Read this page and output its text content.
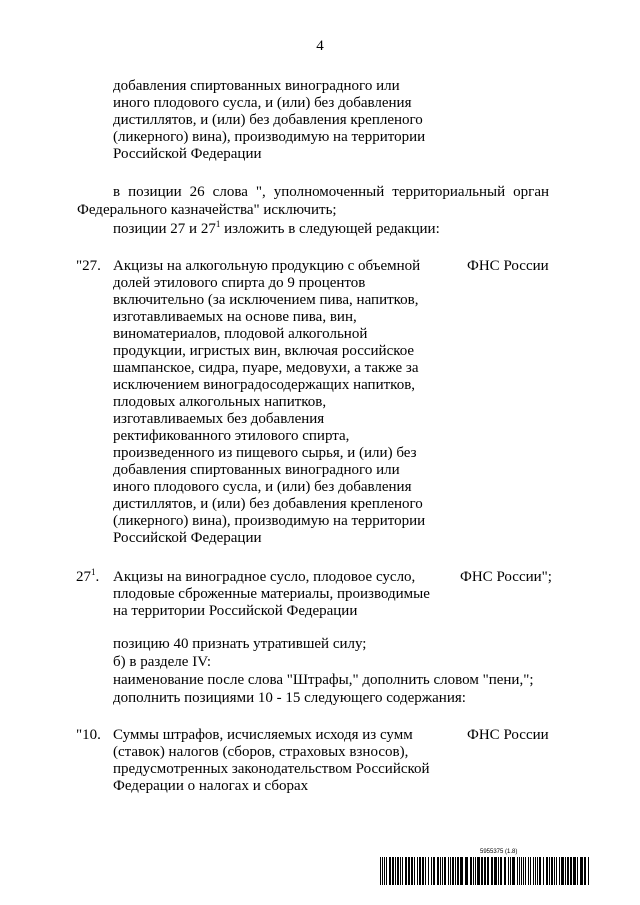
4
добавления спиртованных виноградного или
иного плодового сусла, и (или) без добавления
дистиллятов, и (или) без добавления крепленого
(ликерного) вина), производимую на территории
Российской Федерации
в позиции 26 слова ", уполномоченный территориальный орган
Федерального казначейства" исключить;
позиции 27 и $27^1$ изложить в следующей редакции:
"27. Акцизы на алкогольную продукцию с объемной
долей этилового спирта до 9 процентов
включительно (за исключением пива, напитков,
изготавливаемых на основе пива, вин,
виноматериалов, плодовой алкогольной
продукции, игристых вин, включая российское
шампанское, сидра, пуаре, медовухи, а также за
исключением виноградосодержащих напитков,
плодовых алкогольных напитков,
изготавливаемых без добавления
ректификованного этилового спирта,
произведенного из пищевого сырья, и (или) без
добавления спиртованных виноградного или
иного плодового сусла, и (или) без добавления
дистиллятов, и (или) без добавления крепленого
(ликерного) вина), производимую на территории
Российской Федерации
ФНС России
$27^1$. Акцизы на виноградное сусло, плодовое сусло,
плодовые сброженные материалы, производимые
на территории Российской Федерации
ФНС России";
позицию 40 признать утратившей силу;
б) в разделе IV:
наименование после слова "Штрафы," дополнить словом "пени,";
дополнить позициями 10 - 15 следующего содержания:
"10. Суммы штрафов, исчисляемых исходя из сумм
(ставок) налогов (сборов, страховых взносов),
предусмотренных законодательством Российской
Федерации о налогах и сборах
ФНС России
5955375 (1.8)
